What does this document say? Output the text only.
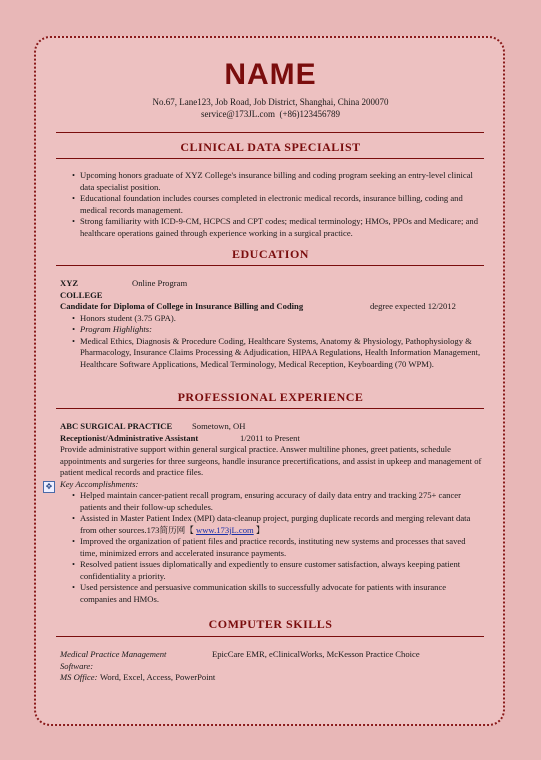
NAME
No.67, Lane123, Job Road, Job District, Shanghai, China 200070
service@173JL.com  (+86)123456789
CLINICAL DATA SPECIALIST
• Upcoming honors graduate of XYZ College's insurance billing and coding program seeking an entry-level clinical data specialist position.
• Educational foundation includes courses completed in electronic medical records, insurance billing, coding and medical records management.
• Strong familiarity with ICD-9-CM, HCPCS and CPT codes; medical terminology; HMOs, PPOs and Medicare; and healthcare operations gained through experience working in a surgical practice.
EDUCATION
XYZ	Online Program
COLLEGE
Candidate for Diploma of College in Insurance Billing and Coding	degree expected 12/2012
• Honors student (3.75 GPA).
• Program Highlights:
• Medical Ethics, Diagnosis & Procedure Coding, Healthcare Systems, Anatomy & Physiology, Pathophysiology & Pharmacology, Insurance Claims Processing & Adjudication, HIPAA Regulations, Health Information Management, Healthcare Software Applications, Medical Terminology, Medical Reception, Keyboarding (70 WPM).
PROFESSIONAL EXPERIENCE
ABC SURGICAL PRACTICE Sometown, OH
Receptionist/Administrative Assistant	1/2011 to Present
Provide administrative support within general surgical practice. Answer multiline phones, greet patients, schedule appointments and surgeries for three surgeons, handle insurance precertifications, and assist in upkeep and management of patient medical records and practice files.
Key Accomplishments:
• Helped maintain cancer-patient recall program, ensuring accuracy of daily data entry and tracking 275+ cancer patients and their follow-up schedules.
• Assisted in Master Patient Index (MPI) data-cleanup project, purging duplicate records and merging relevant data from other sources.173简历网【 www.173jL.com 】
• Improved the organization of patient files and practice records, instituting new systems and processes that saved time, minimized errors and accelerated insurance payments.
• Resolved patient issues diplomatically and expediently to ensure customer satisfaction, always keeping patient confidentiality a priority.
• Used persistence and persuasive communication skills to successfully advocate for patients with insurance companies and HMOs.
✥
COMPUTER SKILLS
Medical Practice Management	EpicCare EMR, eClinicalWorks, McKesson Practice Choice
Software:
MS Office: Word, Excel, Access, PowerPoint
